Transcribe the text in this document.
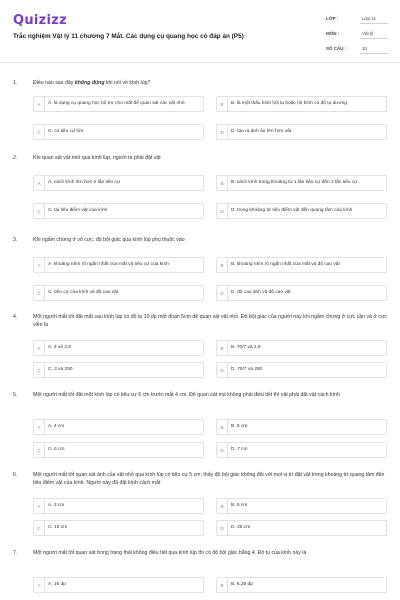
Quizizz
Trắc nghiệm Vật lý 11 chương 7 Mắt. Các dụng cụ quang học có đáp án (P5)
LỚP :	Lớp 11
MÔN :	Vật lý
SỐ CÂU :	10
1.	Điều nào sau đây không đúng khi nói về kính lúp?
A	A. là dụng cụ quang học bổ trợ cho mắt để quan sát các vật nhỏ	B	B. là một thấu kính hội tụ hoặc hệ kính có độ tụ dương
C	C. có tiêu cự lớn	D	D. tạo ra ảnh ảo lớn hơn vật
2.	Khi quan sát vật nhỏ qua kính lúp, người ta phải đặt vật
A	A. cách kính lớn hơn 2 lần tiêu cự	B	B. cách kính trong khoảng từ 1 lần tiêu cự đến 2 lần tiêu cự
C	C. tại tiêu điểm vật của kính	D	D. trong khoảng từ tiêu điểm vật đến quang tâm của kính
3.	Khi ngắm chừng ở vô cực, độ bội giác qua kính lúp phụ thuộc vào
A	A. khoảng nhìn rõ ngắn nhất của mắt và tiêu cự của kính	B	B. khoảng nhìn rõ ngắn nhất của mắt và độ cao vật
C	C. tiêu cự của kính và độ cao vật	D	D. độ cao ảnh và độ cao vật
4.	Một người mắt tốt đặt mắt sau kính lúp có độ tụ 10 dp một đoạn 5cm để quan sát vật nhỏ. Độ bội giác của người này khi ngắm chừng ở cực cận và ở cực viễn là
A	A. 3 và 2,5	B	B. 70/7 và 2,5
C	C. 3 và 250	D	D. 70/7 và 250
5.	Một người mắt tốt đặt một kính lúp có tiêu cự 6 cm trước mắt 4 cm. Để quan sát mà không phải điều tiết thì vật phải đặt vật cách kính
A	A. 4 cm	B	B. 5 cm
C	C. 6 cm	D	D. 7 cm
6.	Một người mắt tốt quan sát ảnh của vật nhỏ qua kính lúp có tiêu cự 5 cm, thấy độ bội giác không đổi với mọi vị trí đặt vật trong khoảng từ quang tâm đến tiêu điểm vật của kính. Người này đã đặt kính cách mắt
A	A. 3 cm	B	B. 5 cm
C	C. 10 cm	D	D. 25 cm
7.	Một người mắt tốt quan sát trong trạng thái không điều tiết qua kính lúp thì có độ bội giác bằng 4. Độ tụ của kính này là
A	A. 16 dp	B	B. 6,25 dp
